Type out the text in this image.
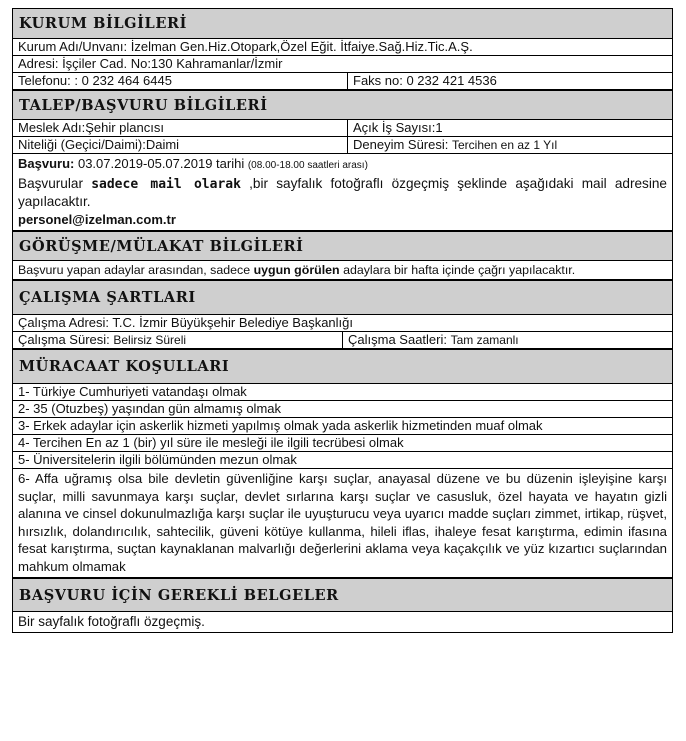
KURUM BİLGİLERİ
Kurum Adı/Unvanı: İzelman Gen.Hiz.Otopark,Özel Eğit. İtfaiye.Sağ.Hiz.Tic.A.Ş.
Adresi: İşçiler Cad. No:130 Kahramanlar/İzmir
Telefonu: : 0 232 464 6445	Faks no: 0 232 421 4536
TALEP/BAŞVURU BİLGİLERİ
Meslek Adı:Şehir plancısı	Açık İş Sayısı:1
Niteliği (Geçici/Daimi):Daimi	Deneyim Süresi: Tercihen en az 1 Yıl
Başvuru: 03.07.2019-05.07.2019 tarihi (08.00-18.00 saatleri arası)
Başvurular sadece mail olarak ,bir sayfalık fotoğraflı özgeçmiş şeklinde aşağıdaki mail adresine yapılacaktır.
personel@izelman.com.tr
GÖRÜŞME/MÜLAKAT BİLGİLERİ
Başvuru yapan adaylar arasından, sadece uygun görülen adaylara bir hafta içinde çağrı yapılacaktır.
ÇALIŞMA ŞARTLARI
Çalışma Adresi: T.C. İzmir Büyükşehir Belediye Başkanlığı
Çalışma Süresi: Belirsiz Süreli	Çalışma Saatleri: Tam zamanlı
MÜRACAAT KOŞULLARI
1- Türkiye Cumhuriyeti vatandaşı olmak
2- 35 (Otuzbeş) yaşından gün almamış olmak
3- Erkek adaylar için askerlik hizmeti yapılmış olmak yada askerlik hizmetinden muaf olmak
4- Tercihen En az 1 (bir) yıl süre ile mesleği ile ilgili tecrübesi olmak
5- Üniversitelerin ilgili bölümünden mezun olmak
6- Affa uğramış olsa bile devletin güvenliğine karşı suçlar, anayasal düzene ve bu düzenin işleyişine karşı suçlar, milli savunmaya karşı suçlar, devlet sırlarına karşı suçlar ve casusluk, özel hayata ve hayatın gizli alanına ve cinsel dokunulmazlığa karşı suçlar ile uyuşturucu veya uyarıcı madde suçları zimmet, irtikap, rüşvet, hırsızlık, dolandırıcılık, sahtecilik, güveni kötüye kullanma, hileli iflas, ihaleye fesat karıştırma, edimin ifasına fesat karıştırma, suçtan kaynaklanan malvarlığı değerlerini aklama veya kaçakçılık ve yüz kızartıcı suçlarından mahkum olmamak
BAŞVURU İÇİN GEREKLİ BELGELER
Bir sayfalık fotoğraflı özgeçmiş.
